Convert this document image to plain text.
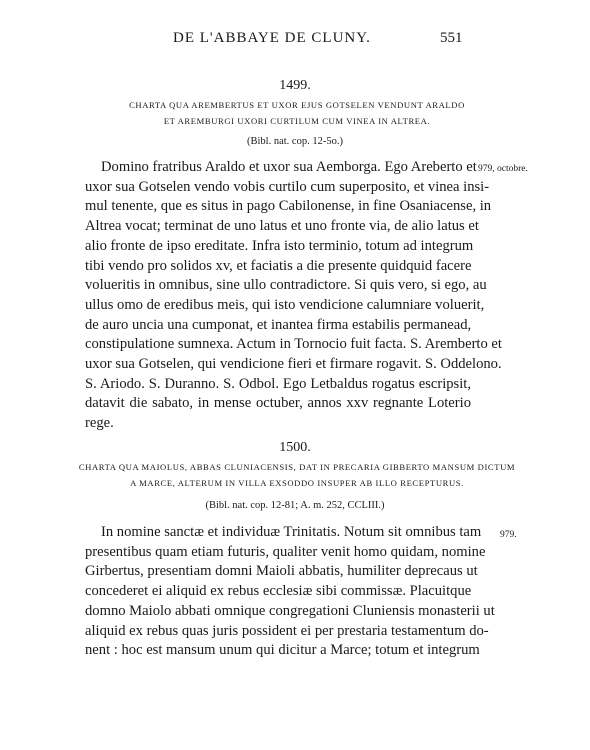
DE L'ABBAYE DE CLUNY.	551
1499.
CHARTA QUA AREMBERTUS ET UXOR EJUS GOTSELEN VENDUNT ARALDO
ET AREMBURGI UXORI CURTILUM CUM VINEA IN ALTREA.
(Bibl. nat. cop. 12-5o.)
979, octobre.
Domino fratribus Araldo et uxor sua Aemborga. Ego Areberto et
uxor sua Gotselen vendo vobis curtilo cum superposito, et vinea insi-
mul tenente, que es situs in pago Cabilonense, in fine Osaniacense, in
Altrea vocat; terminat de uno latus et uno fronte via, de alio latus et
alio fronte de ipso ereditate. Infra isto terminio, totum ad integrum
tibi vendo pro solidos xv, et faciatis a die presente quidquid facere
volueritis in omnibus, sine ullo contradictore. Si quis vero, si ego, au
ullus omo de eredibus meis, qui isto vendicione calumniare voluerit,
de auro uncia una cumponat, et inantea firma estabilis permanead,
constipulatione sumnexa. Actum in Tornocio fuit facta. S. Aremberto et
uxor sua Gotselen, qui vendicione fieri et firmare rogavit. S. Oddelono.
S. Ariodo. S. Duranno. S. Odbol. Ego Letbaldus rogatus escripsit,
datavit die sabato, in mense octuber, annos xxv regnante Loterio
rege.
1500.
CHARTA QUA MAIOLUS, ABBAS CLUNIACENSIS, DAT IN PRECARIA GIBBERTO MANSUM DICTUM
A MARCE, ALTERUM IN VILLA EXSODDO INSUPER AB ILLO RECEPTURUS.
(Bibl. nat. cop. 12-81; A. m. 252, CCLIII.)
979.
In nomine sanctæ et individuæ Trinitatis. Notum sit omnibus tam
presentibus quam etiam futuris, qualiter venit homo quidam, nomine
Girbertus, presentiam domni Maioli abbatis, humiliter deprecaus ut
concederet ei aliquid ex rebus ecclesiæ sibi commissæ. Placuitque
domno Maiolo abbati omnique congregationi Cluniensis monasterii ut
aliquid ex rebus quas juris possident ei per prestaria testamentum do-
nent : hoc est mansum unum qui dicitur a Marce; totum et integrum
